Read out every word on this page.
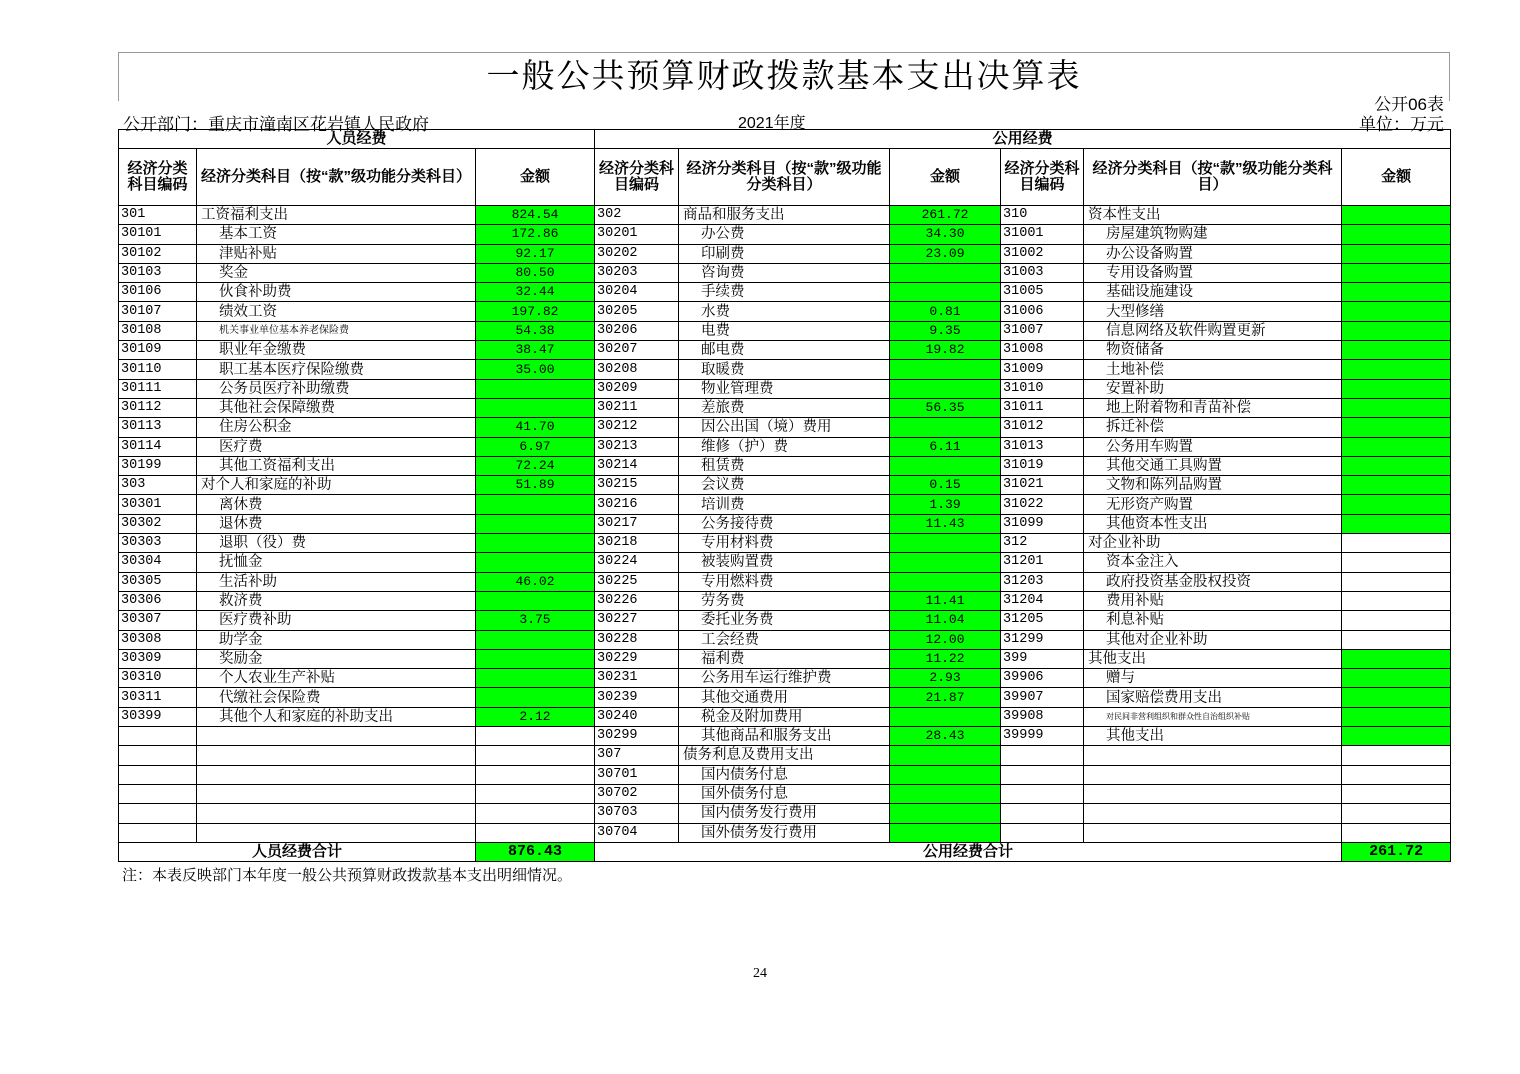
一般公共预算财政拨款基本支出决算表
公开06表
公开部门：重庆市潼南区花岩镇人民政府	2021年度	单位：万元
人员经费			公用经费					
经济分类科目编码	经济分类科目（按“款”级功能分类科目）	金额	经济分类科目编码	经济分类科目（按“款”级功能分类科目）	金额	经济分类科目编码	经济分类科目（按“款”级功能分类科目）	金额
301	工资福利支出	824.54	302	商品和服务支出	261.72	310	资本性支出	
30101	基本工资	172.86	30201	办公费	34.30	31001	房屋建筑物购建	
30102	津贴补贴	92.17	30202	印刷费	23.09	31002	办公设备购置	
30103	奖金	80.50	30203	咨询费		31003	专用设备购置	
30106	伙食补助费	32.44	30204	手续费		31005	基础设施建设	
30107	绩效工资	197.82	30205	水费	0.81	31006	大型修缮	
30108	机关事业单位基本养老保险费	54.38	30206	电费	9.35	31007	信息网络及软件购置更新	
30109	职业年金缴费	38.47	30207	邮电费	19.82	31008	物资储备	
30110	职工基本医疗保险缴费	35.00	30208	取暖费		31009	土地补偿	
30111	公务员医疗补助缴费		30209	物业管理费		31010	安置补助	
30112	其他社会保障缴费		30211	差旅费	56.35	31011	地上附着物和青苗补偿	
30113	住房公积金	41.70	30212	因公出国（境）费用		31012	拆迁补偿	
30114	医疗费	6.97	30213	维修（护）费	6.11	31013	公务用车购置	
30199	其他工资福利支出	72.24	30214	租赁费		31019	其他交通工具购置	
303	对个人和家庭的补助	51.89	30215	会议费	0.15	31021	文物和陈列品购置	
30301	离休费		30216	培训费	1.39	31022	无形资产购置	
30302	退休费		30217	公务接待费	11.43	31099	其他资本性支出	
30303	退职（役）费		30218	专用材料费		312	对企业补助	
30304	抚恤金		30224	被装购置费		31201	资本金注入	
30305	生活补助	46.02	30225	专用燃料费		31203	政府投资基金股权投资	
30306	救济费		30226	劳务费	11.41	31204	费用补贴	
30307	医疗费补助	3.75	30227	委托业务费	11.04	31205	利息补贴	
30308	助学金		30228	工会经费	12.00	31299	其他对企业补助	
30309	奖励金		30229	福利费	11.22	399	其他支出	
30310	个人农业生产补贴		30231	公务用车运行维护费	2.93	39906	赠与	
30311	代缴社会保险费		30239	其他交通费用	21.87	39907	国家赔偿费用支出	
30399	其他个人和家庭的补助支出	2.12	30240	税金及附加费用		39908	对民间非营利组织和群众性自治组织补贴	
			30299	其他商品和服务支出	28.43	39999	其他支出	
			307	债务利息及费用支出				
			30701	国内债务付息				
			30702	国外债务付息				
			30703	国内债务发行费用				
			30704	国外债务发行费用				
人员经费合计		876.43	公用经费合计					261.72
注：本表反映部门本年度一般公共预算财政拨款基本支出明细情况。
24
